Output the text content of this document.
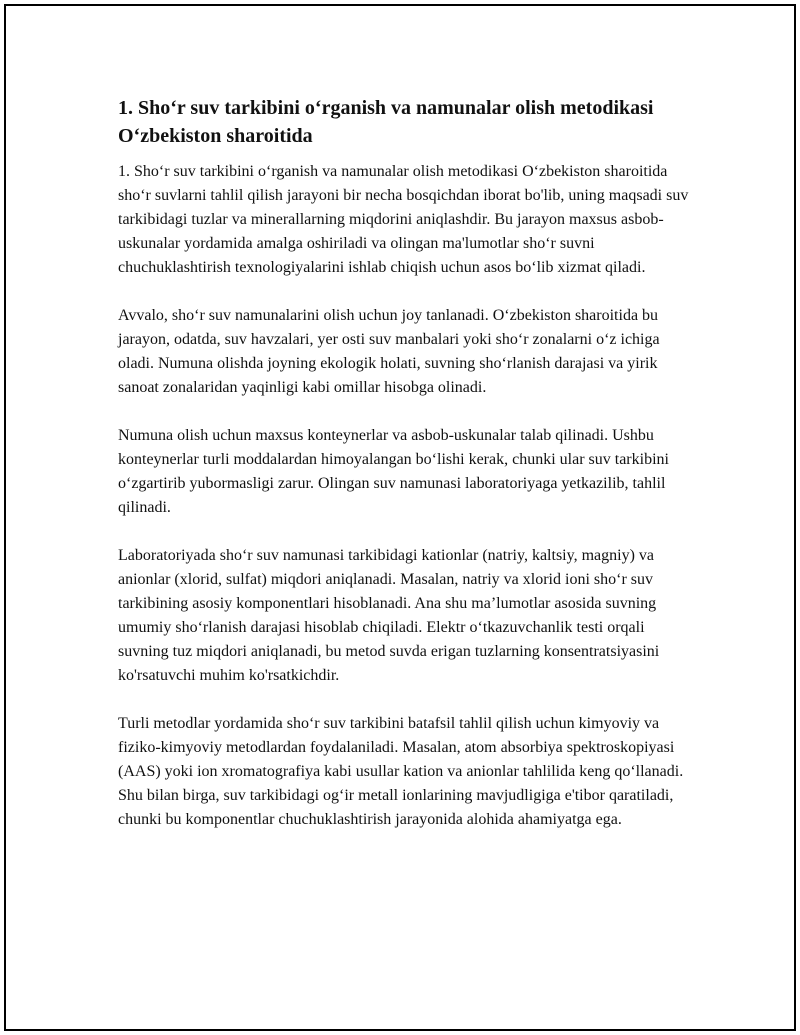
1. Sho‘r suv tarkibini o‘rganish va namunalar olish metodikasi O‘zbekiston sharoitida

1. Sho‘r suv tarkibini o‘rganish va namunalar olish metodikasi O‘zbekiston sharoitida sho‘r suvlarni tahlil qilish jarayoni bir necha bosqichdan iborat bo'lib, uning maqsadi suv tarkibidagi tuzlar va minerallarning miqdorini aniqlashdir. Bu jarayon maxsus asbob-uskunalar yordamida amalga oshiriladi va olingan ma'lumotlar sho‘r suvni chuchuklashtirish texnologiyalarini ishlab chiqish uchun asos bo‘lib xizmat qiladi.

Avvalo, sho‘r suv namunalarini olish uchun joy tanlanadi. O‘zbekiston sharoitida bu jarayon, odatda, suv havzalari, yer osti suv manbalari yoki sho‘r zonalarni o‘z ichiga oladi. Numuna olishda joyning ekologik holati, suvning sho‘rlanish darajasi va yirik sanoat zonalaridan yaqinligi kabi omillar hisobga olinadi.

Numuna olish uchun maxsus konteynerlar va asbob-uskunalar talab qilinadi. Ushbu konteynerlar turli moddalardan himoyalangan bo‘lishi kerak, chunki ular suv tarkibini o‘zgartirib yubormasligi zarur. Olingan suv namunasi laboratoriyaga yetkazilib, tahlil qilinadi.

Laboratoriyada sho‘r suv namunasi tarkibidagi kationlar (natriy, kaltsiy, magniy) va anionlar (xlorid, sulfat) miqdori aniqlanadi. Masalan, natriy va xlorid ioni sho‘r suv tarkibining asosiy komponentlari hisoblanadi. Ana shu ma’lumotlar asosida suvning umumiy sho‘rlanish darajasi hisoblab chiqiladi. Elektr o‘tkazuvchanlik testi orqali suvning tuz miqdori aniqlanadi, bu metod suvda erigan tuzlarning konsentratsiyasini ko'rsatuvchi muhim ko'rsatkichdir.

Turli metodlar yordamida sho‘r suv tarkibini batafsil tahlil qilish uchun kimyoviy va fiziko-kimyoviy metodlardan foydalaniladi. Masalan, atom absorbiya spektroskopiyasi (AAS) yoki ion xromatografiya kabi usullar kation va anionlar tahlilida keng qo‘llanadi. Shu bilan birga, suv tarkibidagi og‘ir metall ionlarining mavjudligiga e'tibor qaratiladi, chunki bu komponentlar chuchuklashtirish jarayonida alohida ahamiyatga ega.
